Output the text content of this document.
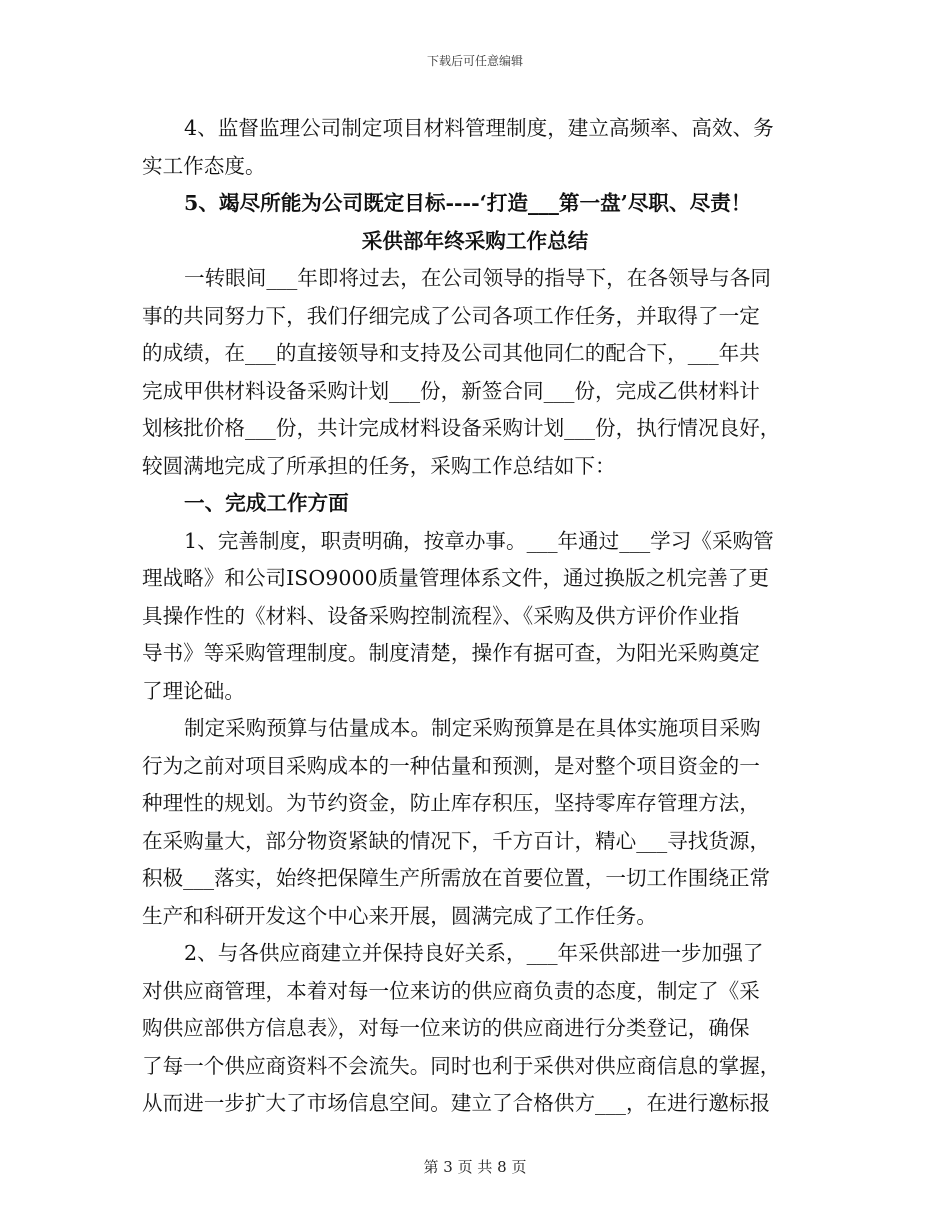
下载后可任意编辑
4、监督监理公司制定项目材料管理制度，建立高频率、高效、务
实工作态度。
5、竭尽所能为公司既定目标----‘打造___第一盘’尽职、尽责！
采供部年终采购工作总结
一转眼间___年即将过去，在公司领导的指导下，在各领导与各同
事的共同努力下，我们仔细完成了公司各项工作任务，并取得了一定
的成绩，在___的直接领导和支持及公司其他同仁的配合下，___年共
完成甲供材料设备采购计划___份，新签合同___份，完成乙供材料计
划核批价格___份，共计完成材料设备采购计划___份，执行情况良好，
较圆满地完成了所承担的任务，采购工作总结如下：
一、完成工作方面
1、完善制度，职责明确，按章办事。___年通过___学习《采购管
理战略》和公司ISO9000质量管理体系文件，通过换版之机完善了更
具操作性的《材料、设备采购控制流程》、《采购及供方评价作业指
导书》等采购管理制度。制度清楚，操作有据可查，为阳光采购奠定
了理论础。
制定采购预算与估量成本。制定采购预算是在具体实施项目采购
行为之前对项目采购成本的一种估量和预测，是对整个项目资金的一
种理性的规划。为节约资金，防止库存积压，坚持零库存管理方法，
在采购量大，部分物资紧缺的情况下，千方百计，精心___寻找货源，
积极___落实，始终把保障生产所需放在首要位置，一切工作围绕正常
生产和科研开发这个中心来开展，圆满完成了工作任务。
2、与各供应商建立并保持良好关系，___年采供部进一步加强了
对供应商管理，本着对每一位来访的供应商负责的态度，制定了《采
购供应部供方信息表》，对每一位来访的供应商进行分类登记，确保
了每一个供应商资料不会流失。同时也利于采供对供应商信息的掌握，
从而进一步扩大了市场信息空间。建立了合格供方___，在进行邀标报
第 3 页 共 8 页
